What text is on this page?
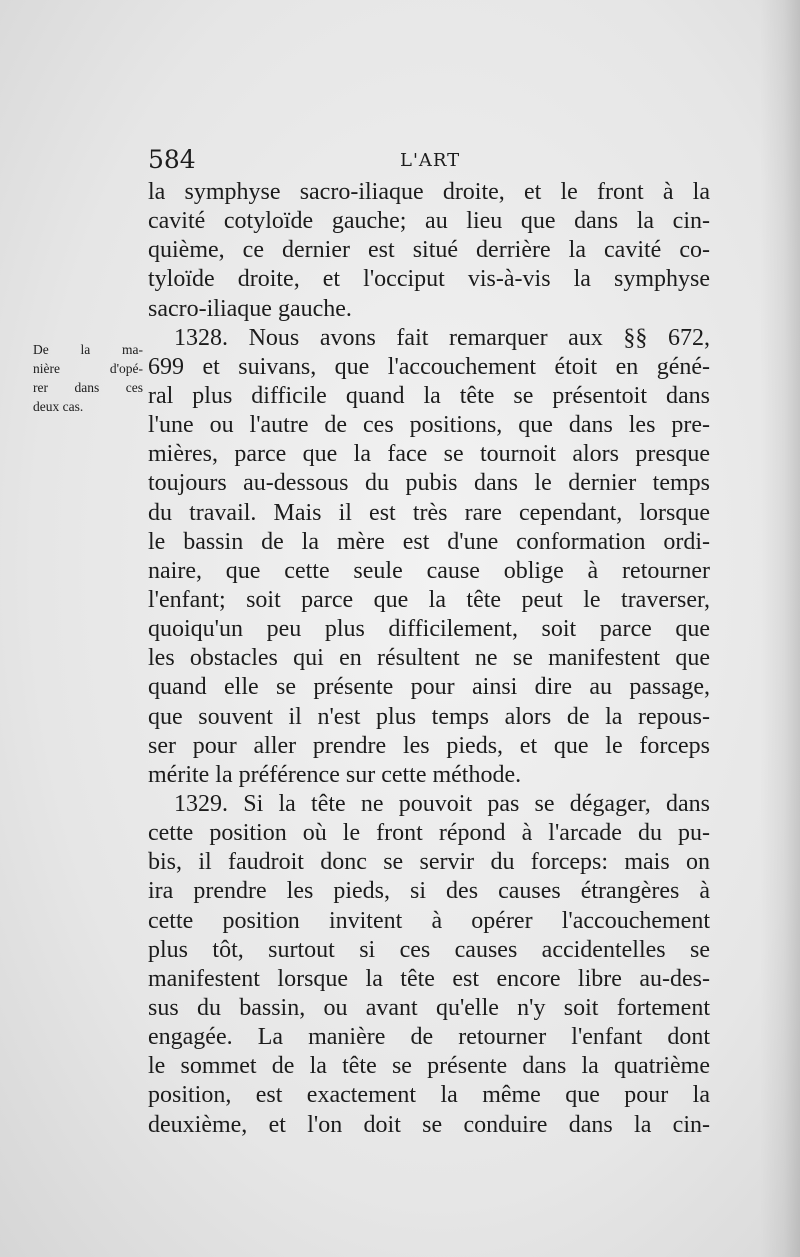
584	L'ART
De la ma-
nière d'opé-
rer dans ces
deux cas.
la symphyse sacro-iliaque droite, et le front à la
cavité cotyloïde gauche; au lieu que dans la cin-
quième, ce dernier est situé derrière la cavité co-
tyloïde droite, et l'occiput vis-à-vis la symphyse
sacro-iliaque gauche.
1328. Nous avons fait remarquer aux §§ 672,
699 et suivans, que l'accouchement étoit en géné-
ral plus difficile quand la tête se présentoit dans
l'une ou l'autre de ces positions, que dans les pre-
mières, parce que la face se tournoit alors presque
toujours au-dessous du pubis dans le dernier temps
du travail. Mais il est très rare cependant, lorsque
le bassin de la mère est d'une conformation ordi-
naire, que cette seule cause oblige à retourner
l'enfant; soit parce que la tête peut le traverser,
quoiqu'un peu plus difficilement, soit parce que
les obstacles qui en résultent ne se manifestent que
quand elle se présente pour ainsi dire au passage,
que souvent il n'est plus temps alors de la repous-
ser pour aller prendre les pieds, et que le forceps
mérite la préférence sur cette méthode.
1329. Si la tête ne pouvoit pas se dégager, dans
cette position où le front répond à l'arcade du pu-
bis, il faudroit donc se servir du forceps: mais on
ira prendre les pieds, si des causes étrangères à
cette position invitent à opérer l'accouchement
plus tôt, surtout si ces causes accidentelles se
manifestent lorsque la tête est encore libre au-des-
sus du bassin, ou avant qu'elle n'y soit fortement
engagée. La manière de retourner l'enfant dont
le sommet de la tête se présente dans la quatrième
position, est exactement la même que pour la
deuxième, et l'on doit se conduire dans la cin-
